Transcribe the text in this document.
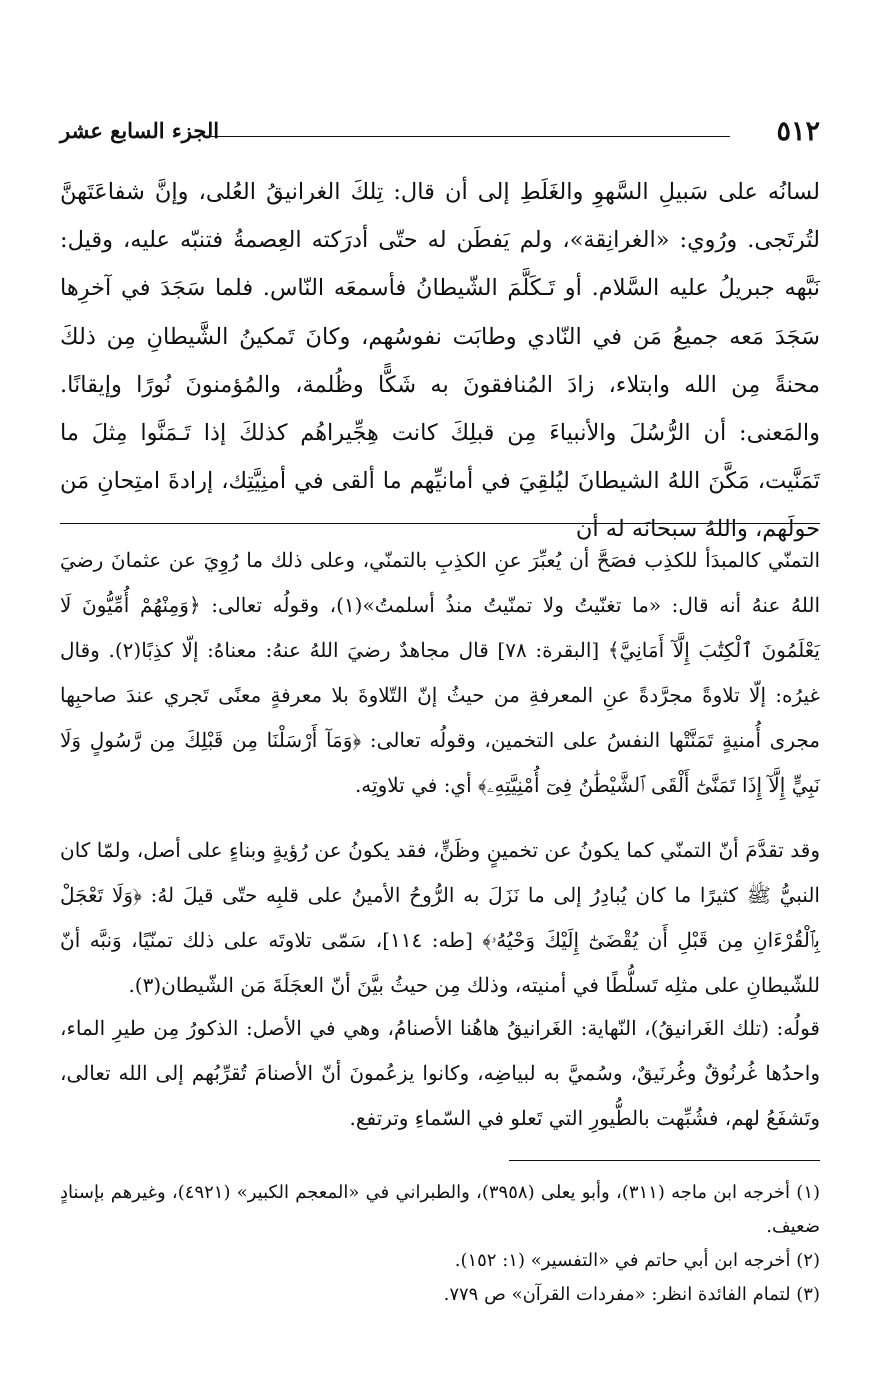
٥١٢
الجزء السابع عشر
لسانُه على سَبيلِ السَّهوِ والغَلَطِ إلى أن قال: تِلكَ الغرانيقُ العُلى، وإنَّ شفاعَتَهنَّ لتُرتَجى. ورُوي: «الغرانِقة»، ولم يَفطَن له حتّى أدرَكته العِصمةُ فتنبّه عليه، وقيل: نَبَّهه جبريلُ عليه السَّلام. أو تَـكَلَّمَ الشّيطانُ فأسمعَه النّاس. فلما سَجَدَ في آخرِها سَجَدَ مَعه جميعُ مَن في النّادي وطابَت نفوسُهم، وكانَ تَمكينُ الشَّيطانِ مِن ذلكَ محنةً مِن الله وابتلاء، زادَ المُنافقونَ به شَكًّا وظُلمة، والمُؤمنونَ نُورًا وإيقانًا. والمَعنى: أن الرُّسُلَ والأنبياءَ مِن قبلِكَ كانت هِجِّيراهُم كذلكَ إذا تَـمَنَّوا مِثلَ ما تَمَنَّيت، مَكَّنَ اللهُ الشيطانَ ليُلقِيَ في أمانيِّهم ما ألقى في أمنِيَّتِك، إرادةَ امتِحانِ مَن حولَهم، واللهُ سبحانَه له أن

التمنّي كالمبدَأ للكذِب فصَحَّ أن يُعبِّرَ عنِ الكذِبِ بالتمنّي، وعلى ذلك ما رُوِيَ عن عثمانَ رضيَ اللهُ عنهُ أنه قال: «ما تغنّيتُ ولا تمنّيتُ منذُ أسلمتُ»(١)، وقولُه تعالى: ﴿وَمِنْهُمْ أُمِّيُّونَ لَا يَعْلَمُونَ ٱلْكِتَٰبَ إِلَّآ أَمَانِيَّ﴾ [البقرة: ٧٨] قال مجاهدٌ رضيَ اللهُ عنهُ: معناهُ: إلّا كذِبًا(٢). وقال غيرُه: إلّا تلاوةً مجرَّدةً عنِ المعرفةِ من حيثُ إنّ التّلاوةَ بلا معرفةٍ معنًى تَجري عندَ صاحبِها مجرى أُمنيةٍ تَمَنَّتْها النفسُ على التخمين، وقولُه تعالى: ﴿وَمَآ أَرْسَلْنَا مِن قَبْلِكَ مِن رَّسُولٍ وَلَا نَبِيٍّ إِلَّآ إِذَا تَمَنَّىٰٓ أَلْقَى ٱلشَّيْطَٰنُ فِىٓ أُمْنِيَّتِهِۦ﴾ أي: في تلاوتِه.

وقد تقدَّمَ أنّ التمنّي كما يكونُ عن تخمينٍ وظَنٍّ، فقد يكونُ عن رُؤيةٍ وبناءٍ على أصل، ولمّا كان النبيُّ ﷺ كثيرًا ما كان يُبادِرُ إلى ما نَزَلَ به الرُّوحُ الأمينُ على قلبِه حتّى قيلَ لهُ: ﴿وَلَا تَعْجَلْ بِٱلْقُرْءَانِ مِن قَبْلِ أَن يُقْضَىٰٓ إِلَيْكَ وَحْيُهُۥ﴾ [طه: ١١٤]، سَمّى تلاوتَه على ذلك تمنّيًا، وَنبَّه أنّ للشّيطانِ على مثلِه تَسلُّطًا في أمنيته، وذلك مِن حيثُ بيَّنَ أنّ العجَلَةَ مَن الشّيطان(٣).

قولُه: (تلك الغَرانيقُ)، النّهاية: الغَرانيقُ هاهُنا الأصنامُ، وهي في الأصل: الذكورُ مِن طيرِ الماء، واحدُها غُرنُوقٌ وغُرنَيقٌ، وسُميَّ به لبياضِه، وكانوا يزعُمونَ أنّ الأصنامَ تُقرِّبُهم إلى الله تعالى، وتَشفَعُ لهم، فشُبِّهت بالطُّيورِ التي تَعلو في السّماءِ وترتفع.

(١) أخرجه ابن ماجه (٣١١)، وأبو يعلى (٣٩٥٨)، والطبراني في «المعجم الكبير» (٤٩٢١)، وغيرهم بإسنادٍ ضعيف.

(٢) أخرجه ابن أبي حاتم في «التفسير» (١: ١٥٢).

(٣) لتمام الفائدة انظر: «مفردات القرآن» ص ٧٧٩.
